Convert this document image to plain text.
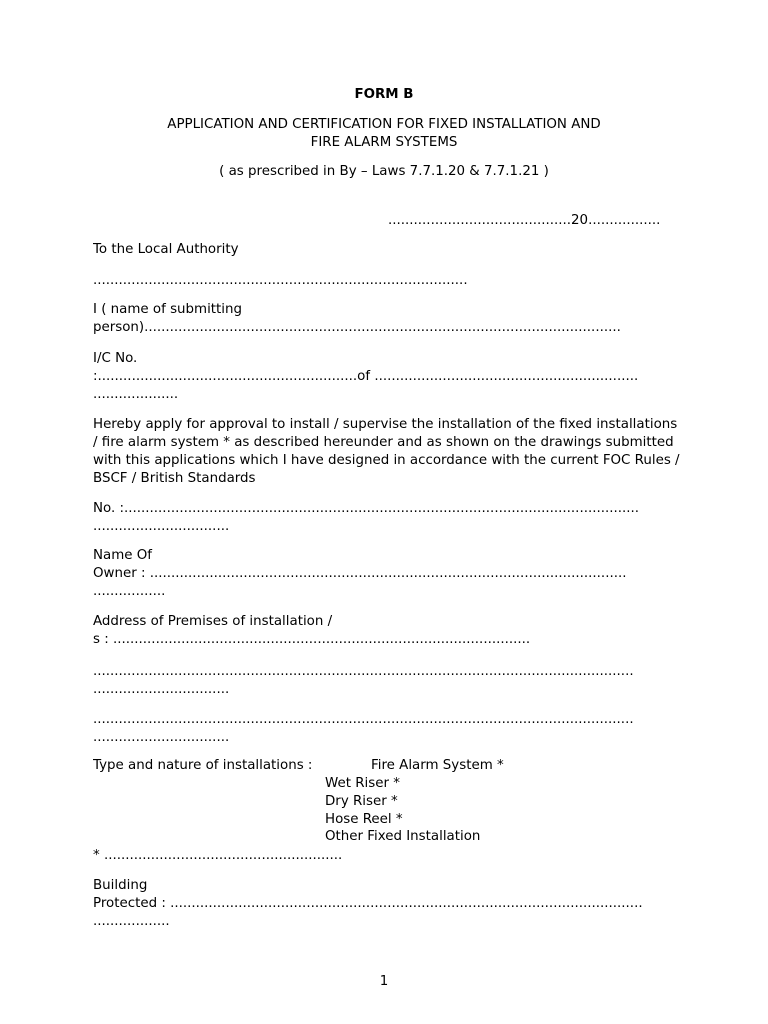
FORM B
APPLICATION AND CERTIFICATION FOR FIXED INSTALLATION AND
FIRE ALARM SYSTEMS
( as prescribed in By – Laws 7.7.1.20 & 7.7.1.21 )
...........................................20.................
To the Local Authority
........................................................................................
I ( name of submitting
person)................................................................................................................
I/C No.
:.............................................................of ..............................................................
....................
Hereby apply for approval to install / supervise the installation of the fixed installations / fire alarm system * as described hereunder and as shown on the drawings submitted with this applications which I have designed in accordance with the current FOC Rules / BSCF / British Standards
No. :.........................................................................................................................
................................
Name Of
Owner : ................................................................................................................
.................
Address of Premises of installation /
s : ..................................................................................................
...............................................................................................................................
................................
...............................................................................................................................
................................
Type and nature of installations :	Fire Alarm System *
Wet Riser *
Dry Riser *
Hose Reel *
Other Fixed Installation
* ........................................................
Building
Protected : ...............................................................................................................
..................
1
